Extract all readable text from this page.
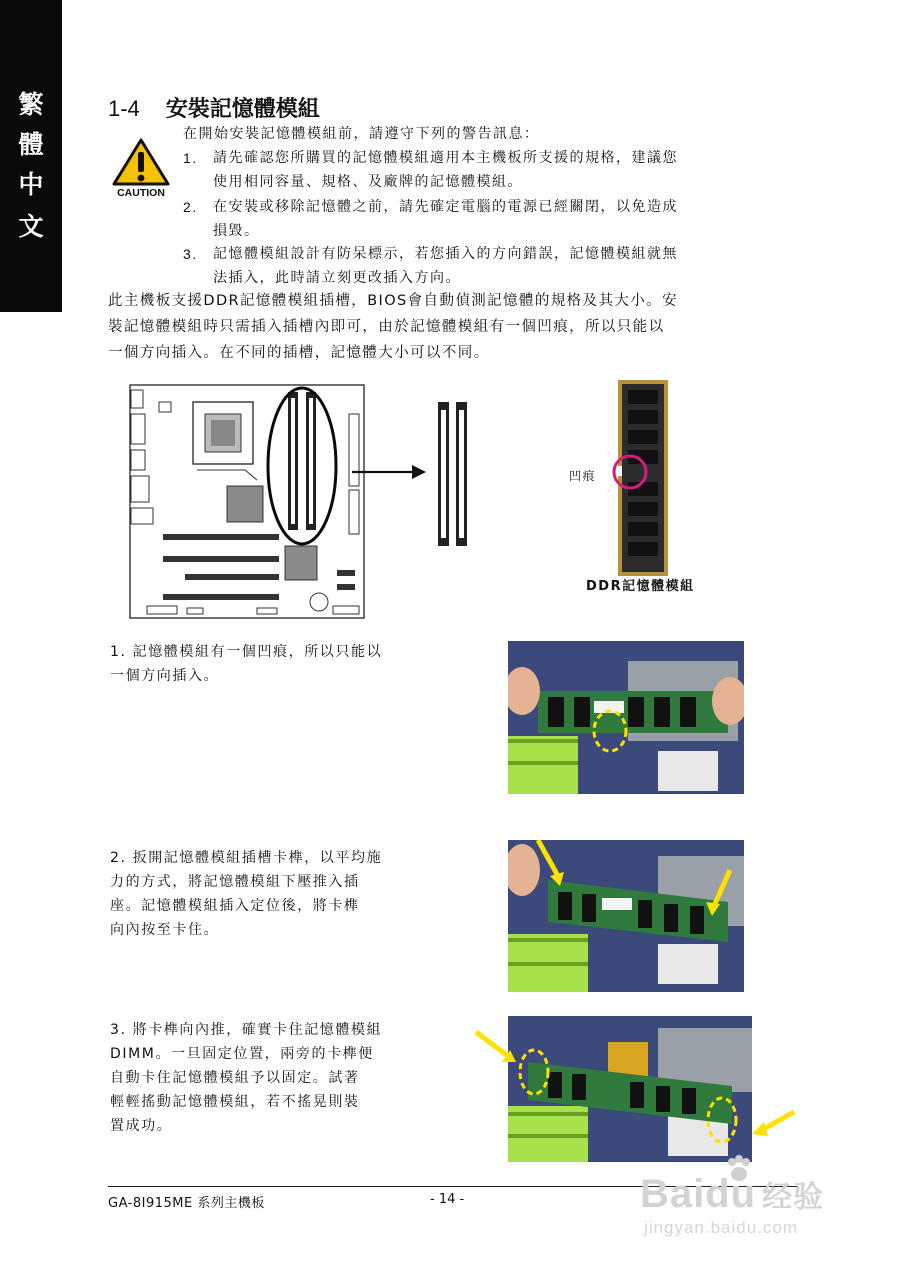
繁
體
中
文
1-4 安裝記憶體模組
CAUTION
在開始安裝記憶體模組前，請遵守下列的警告訊息：
1. 請先確認您所購買的記憶體模組適用本主機板所支援的規格，建議您
使用相同容量、規格、及廠牌的記憶體模組。
2. 在安裝或移除記憶體之前，請先確定電腦的電源已經關閉，以免造成
損毀。
3. 記憶體模組設計有防呆標示，若您插入的方向錯誤，記憶體模組就無
法插入，此時請立刻更改插入方向。
此主機板支援DDR記憶體模組插槽，BIOS會自動偵測記憶體的規格及其大小。安
裝記憶體模組時只需插入插槽內即可，由於記憶體模組有一個凹痕，所以只能以
一個方向插入。在不同的插槽，記憶體大小可以不同。
凹痕
DDR記憶體模組
1. 記憶體模組有一個凹痕，所以只能以
一個方向插入。
2. 扳開記憶體模組插槽卡榫，以平均施
力的方式，將記憶體模組下壓推入插
座。記憶體模組插入定位後，將卡榫
向內按至卡住。
3. 將卡榫向內推，確實卡住記憶體模組
DIMM。一旦固定位置，兩旁的卡榫便
自動卡住記憶體模組予以固定。試著
輕輕搖動記憶體模組，若不搖晃則裝
置成功。
GA-8I915ME 系列主機板	- 14 -	Baidu 经验
jingyan.baidu.com
